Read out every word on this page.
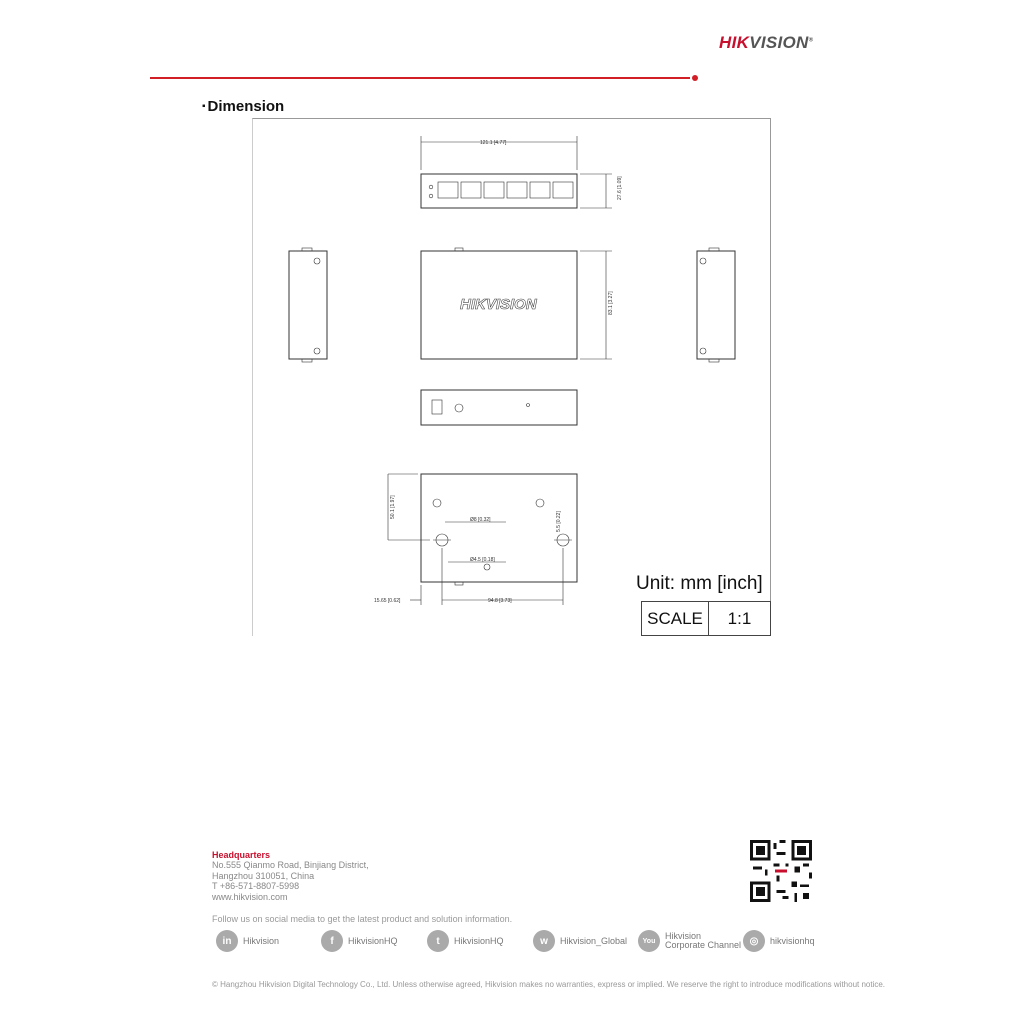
HIKVISION®
▪ Dimension
121.1 [4.77]
27.6 [1.09]
83.1 [3.27]
50.1 [1.97]
Ø8 [0.32]
Ø4.5 [0.18]
5.5 [0.22]
15.65 [0.62]	94.8 [3.73]
HIKVISION
Unit: mm [inch]
SCALE	1:1
Headquarters
No.555 Qianmo Road, Binjiang District,
Hangzhou 310051, China
T +86-571-8807-5998
www.hikvision.com
Follow us on social media to get the latest product and solution information.
in	Hikvision	f	HikvisionHQ	t	HikvisionHQ	w	Hikvision_Global	You	Hikvision
Corporate Channel ◎	hikvisionhq
© Hangzhou Hikvision Digital Technology Co., Ltd. Unless otherwise agreed, Hikvision makes no warranties, express or implied. We reserve the right to introduce modifications without notice.
